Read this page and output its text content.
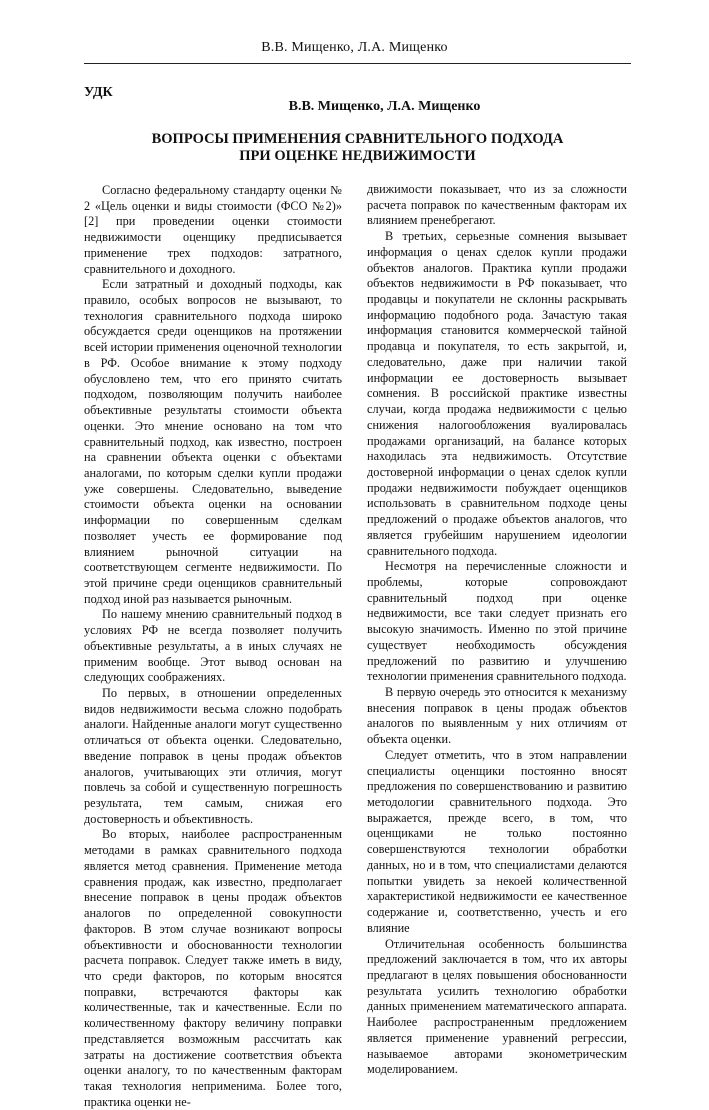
В.В. Мищенко, Л.А. Мищенко
УДК
В.В. Мищенко, Л.А. Мищенко
ВОПРОСЫ ПРИМЕНЕНИЯ СРАВНИТЕЛЬНОГО ПОДХОДА
ПРИ ОЦЕНКЕ НЕДВИЖИМОСТИ

Согласно федеральному стандарту оценки № 2 «Цель оценки и виды стоимости (ФСО №2)» [2] при проведении оценки стоимости недвижимости оценщику предписывается применение трех подходов: затратного, сравнительного и доходного.

Если затратный и доходный подходы, как правило, особых вопросов не вызывают, то технология сравнительного подхода широко обсуждается среди оценщиков на протяжении всей истории применения оценочной технологии в РФ. Особое внимание к этому подходу обусловлено тем, что его принято считать подходом, позволяющим получить наиболее объективные результаты стоимости объекта оценки. Это мнение основано на том что сравнительный подход, как известно, построен на сравнении объекта оценки с объектами аналогами, по которым сделки купли продажи уже совершены. Следовательно, выведение стоимости объекта оценки на основании информации по совершенным сделкам позволяет учесть ее формирование под влиянием рыночной ситуации на соответствующем сегменте недвижимости. По этой причине среди оценщиков сравнительный подход иной раз называется рыночным.

По нашему мнению сравнительный подход в условиях РФ не всегда позволяет получить объективные результаты, а в иных случаях не применим вообще. Этот вывод основан на следующих соображениях.

По первых, в отношении определенных видов недвижимости весьма сложно подобрать аналоги. Найденные аналоги могут существенно отличаться от объекта оценки. Следовательно, введение поправок в цены продаж объектов аналогов, учитывающих эти отличия, могут повлечь за собой и существенную погрешность результата, тем самым, снижая его достоверность и объективность.

Во вторых, наиболее распространенным методами в рамках сравнительного подхода является метод сравнения. Применение метода сравнения продаж, как известно, предполагает внесение поправок в цены продаж объектов аналогов по определенной совокупности факторов. В этом случае возникают вопросы объективности и обоснованности технологии расчета поправок. Следует также иметь в виду, что среди факторов, по которым вносятся поправки, встречаются факторы как количественные, так и качественные. Если по количественному фактору величину поправки представляется возможным рассчитать как затраты на достижение соответствия объекта оценки аналогу, то по качественным факторам такая технология неприменима. Более того, практика оценки не-

движимости показывает, что из за сложности расчета поправок по качественным факторам их влиянием пренебрегают.

В третьих, серьезные сомнения вызывает информация о ценах сделок купли продажи объектов аналогов. Практика купли продажи объектов недвижимости в РФ показывает, что продавцы и покупатели не склонны раскрывать информацию подобного рода. Зачастую такая информация становится коммерческой тайной продавца и покупателя, то есть закрытой, и, следовательно, даже при наличии такой информации ее достоверность вызывает сомнения. В российской практике известны случаи, когда продажа недвижимости с целью снижения налогообложения вуалировалась продажами организаций, на балансе которых находилась эта недвижимость. Отсутствие достоверной информации о ценах сделок купли продажи недвижимости побуждает оценщиков использовать в сравнительном подходе цены предложений о продаже объектов аналогов, что является грубейшим нарушением идеологии сравнительного подхода.

Несмотря на перечисленные сложности и проблемы, которые сопровождают сравнительный подход при оценке недвижимости, все таки следует признать его высокую значимость. Именно по этой причине существует необходимость обсуждения предложений по развитию и улучшению технологии применения сравнительного подхода.

В первую очередь это относится к механизму внесения поправок в цены продаж объектов аналогов по выявленным у них отличиям от объекта оценки.

Следует отметить, что в этом направлении специалисты оценщики постоянно вносят предложения по совершенствованию и развитию методологии сравнительного подхода. Это выражается, прежде всего, в том, что оценщиками не только постоянно совершенствуются технологии обработки данных, но и в том, что специалистами делаются попытки увидеть за некоей количественной характеристикой недвижимости ее качественное содержание и, соответственно, учесть и его влияние

Отличительная особенность большинства предложений заключается в том, что их авторы предлагают в целях повышения обоснованности результата усилить технологию обработки данных применением математического аппарата. Наиболее распространенным предложением является применение уравнений регрессии, называемое авторами эконометрическим моделированием.
